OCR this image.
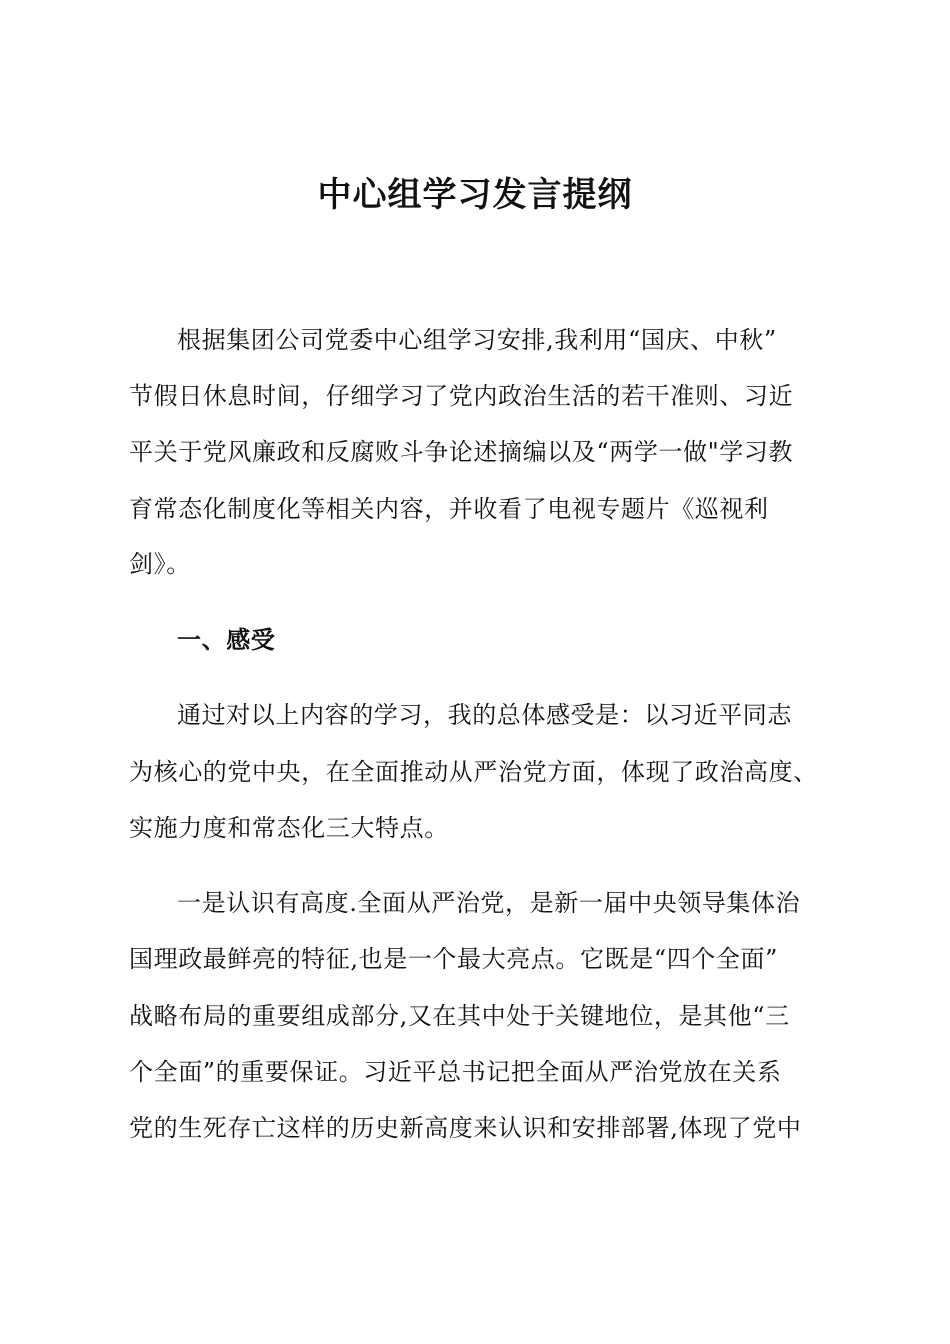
中心组学习发言提纲
根据集团公司党委中心组学习安排,我利用“国庆、中秋”
节假日休息时间，仔细学习了党内政治生活的若干准则、习近
平关于党风廉政和反腐败斗争论述摘编以及“两学一做"学习教
育常态化制度化等相关内容，并收看了电视专题片《巡视利
剑》。
一、感受
通过对以上内容的学习，我的总体感受是：以习近平同志
为核心的党中央，在全面推动从严治党方面，体现了政治高度、
实施力度和常态化三大特点。
一是认识有高度.全面从严治党，是新一届中央领导集体治
国理政最鲜亮的特征,也是一个最大亮点。它既是“四个全面”
战略布局的重要组成部分,又在其中处于关键地位，是其他“三
个全面”的重要保证。习近平总书记把全面从严治党放在关系
党的生死存亡这样的历史新高度来认识和安排部署,体现了党中
